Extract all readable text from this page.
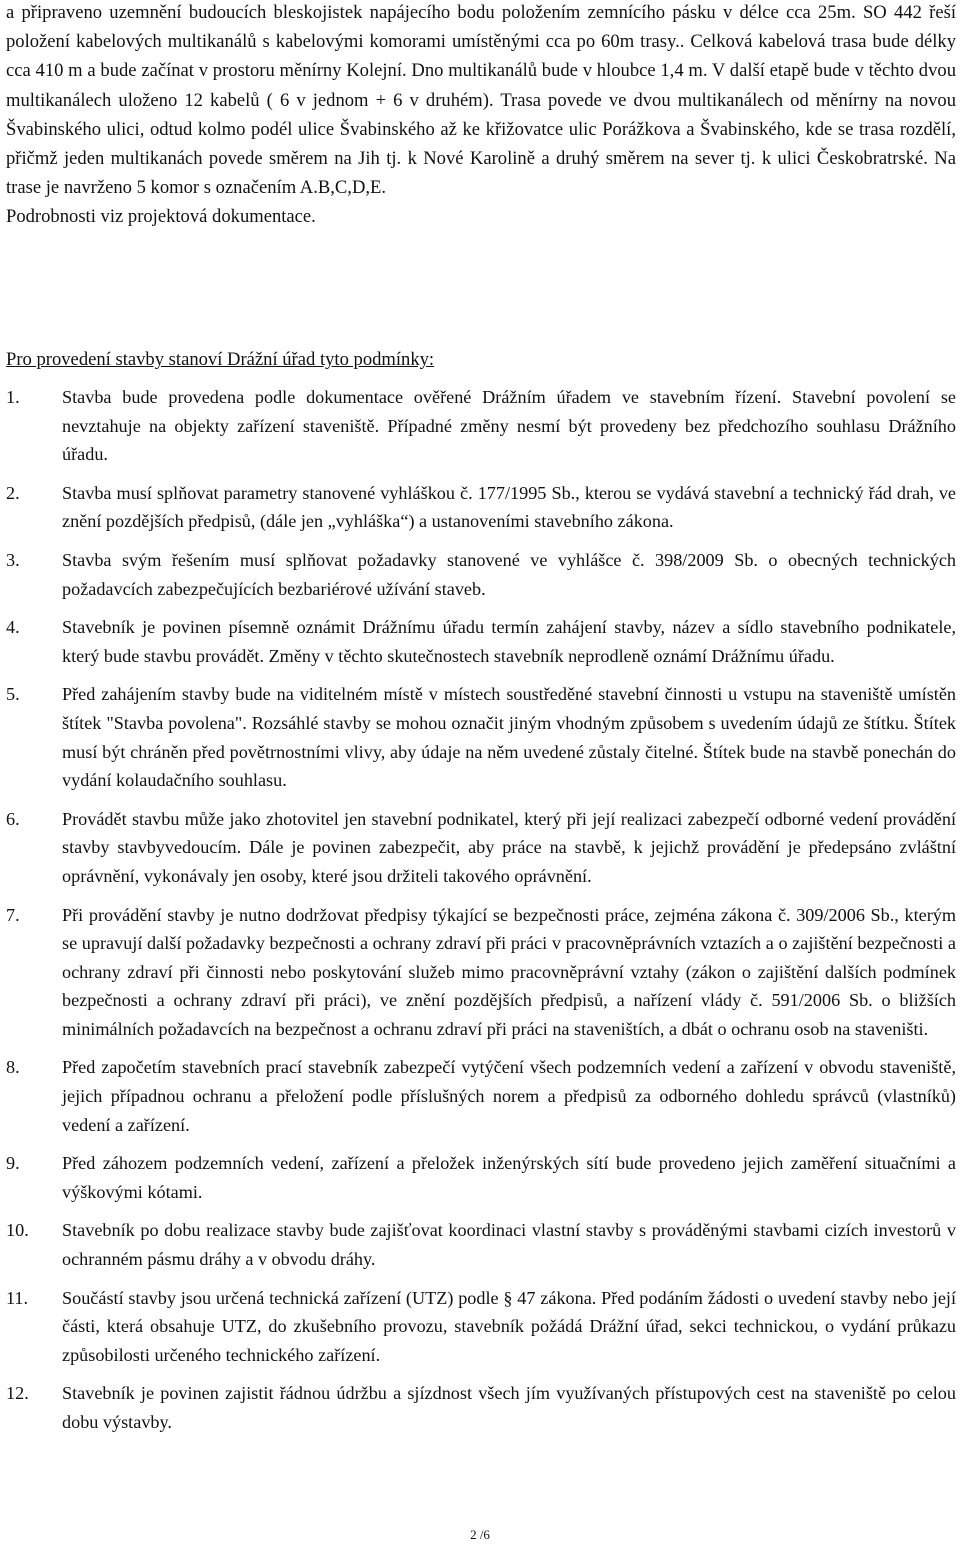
a připraveno uzemnění budoucích bleskojistek napájecího bodu položením zemnícího pásku v délce cca 25m. SO 442 řeší položení kabelových multikanálů s kabelovými komorami umístěnými cca po 60m trasy.. Celková kabelová trasa bude délky cca 410 m a bude začínat v prostoru měnírny Kolejní. Dno multikanálů bude v hloubce 1,4 m. V další etapě bude v těchto dvou multikanálech uloženo 12 kabelů ( 6 v jednom + 6 v druhém). Trasa povede ve dvou multikanálech od měnírny na novou Švabinského ulici, odtud kolmo podél ulice Švabinského až ke křižovatce ulic Porážkova a Švabinského, kde se trasa rozdělí, přičmž jeden multikanách povede směrem na Jih tj. k Nové Karolině a druhý směrem na sever tj. k ulici Českobratrské. Na trase je navrženo 5 komor s označením A.B,C,D,E.

Podrobnosti viz projektová dokumentace.

Pro provedení stavby stanoví Drážní úřad tyto podmínky:
1.	Stavba bude provedena podle dokumentace ověřené Drážním úřadem ve stavebním řízení. Stavební povolení se nevztahuje na objekty zařízení staveniště. Případné změny nesmí být provedeny bez předchozího souhlasu Drážního úřadu.
2.	Stavba musí splňovat parametry stanovené vyhláškou č. 177/1995 Sb., kterou se vydává stavební a technický řád drah, ve znění pozdějších předpisů, (dále jen „vyhláška“) a ustanoveními stavebního zákona.
3.	Stavba svým řešením musí splňovat požadavky stanovené ve vyhlášce č. 398/2009 Sb. o obecných technických požadavcích zabezpečujících bezbariérové užívání staveb.
4.	Stavebník je povinen písemně oznámit Drážnímu úřadu termín zahájení stavby, název a sídlo stavebního podnikatele, který bude stavbu provádět. Změny v těchto skutečnostech stavebník neprodleně oznámí Drážnímu úřadu.
5.	Před zahájením stavby bude na viditelném místě v místech soustředěné stavební činnosti u vstupu na staveniště umístěn štítek "Stavba povolena". Rozsáhlé stavby se mohou označit jiným vhodným způsobem s uvedením údajů ze štítku. Štítek musí být chráněn před povětrnostními vlivy, aby údaje na něm uvedené zůstaly čitelné. Štítek bude na stavbě ponechán do vydání kolaudačního souhlasu.
6.	Provádět stavbu může jako zhotovitel jen stavební podnikatel, který při její realizaci zabezpečí odborné vedení provádění stavby stavbyvedoucím. Dále je povinen zabezpečit, aby práce na stavbě, k jejichž provádění je předepsáno zvláštní oprávnění, vykonávaly jen osoby, které jsou držiteli takového oprávnění.
7.	Při provádění stavby je nutno dodržovat předpisy týkající se bezpečnosti práce, zejména zákona č. 309/2006 Sb., kterým se upravují další požadavky bezpečnosti a ochrany zdraví při práci v pracovněprávních vztazích a o zajištění bezpečnosti a ochrany zdraví při činnosti nebo poskytování služeb mimo pracovněprávní vztahy (zákon o zajištění dalších podmínek bezpečnosti a ochrany zdraví při práci), ve znění pozdějších předpisů, a nařízení vlády č. 591/2006 Sb. o bližších minimálních požadavcích na bezpečnost a ochranu zdraví při práci na staveništích, a dbát o ochranu osob na staveništi.
8.	Před započetím stavebních prací stavebník zabezpečí vytýčení všech podzemních vedení a zařízení v obvodu staveniště, jejich případnou ochranu a přeložení podle příslušných norem a předpisů za odborného dohledu správců (vlastníků) vedení a zařízení.
9.	Před záhozem podzemních vedení, zařízení a přeložek inženýrských sítí bude provedeno jejich zaměření situačními a výškovými kótami.
10.	Stavebník po dobu realizace stavby bude zajišťovat koordinaci vlastní stavby s prováděnými stavbami cizích investorů v ochranném pásmu dráhy a v obvodu dráhy.
11.	Součástí stavby jsou určená technická zařízení (UTZ) podle § 47 zákona. Před podáním žádosti o uvedení stavby nebo její části, která obsahuje UTZ, do zkušebního provozu, stavebník požádá Drážní úřad, sekci technickou, o vydání průkazu způsobilosti určeného technického zařízení.
12.	Stavebník je povinen zajistit řádnou údržbu a sjízdnost všech jím využívaných přístupových cest na staveniště po celou dobu výstavby.
2 /6
